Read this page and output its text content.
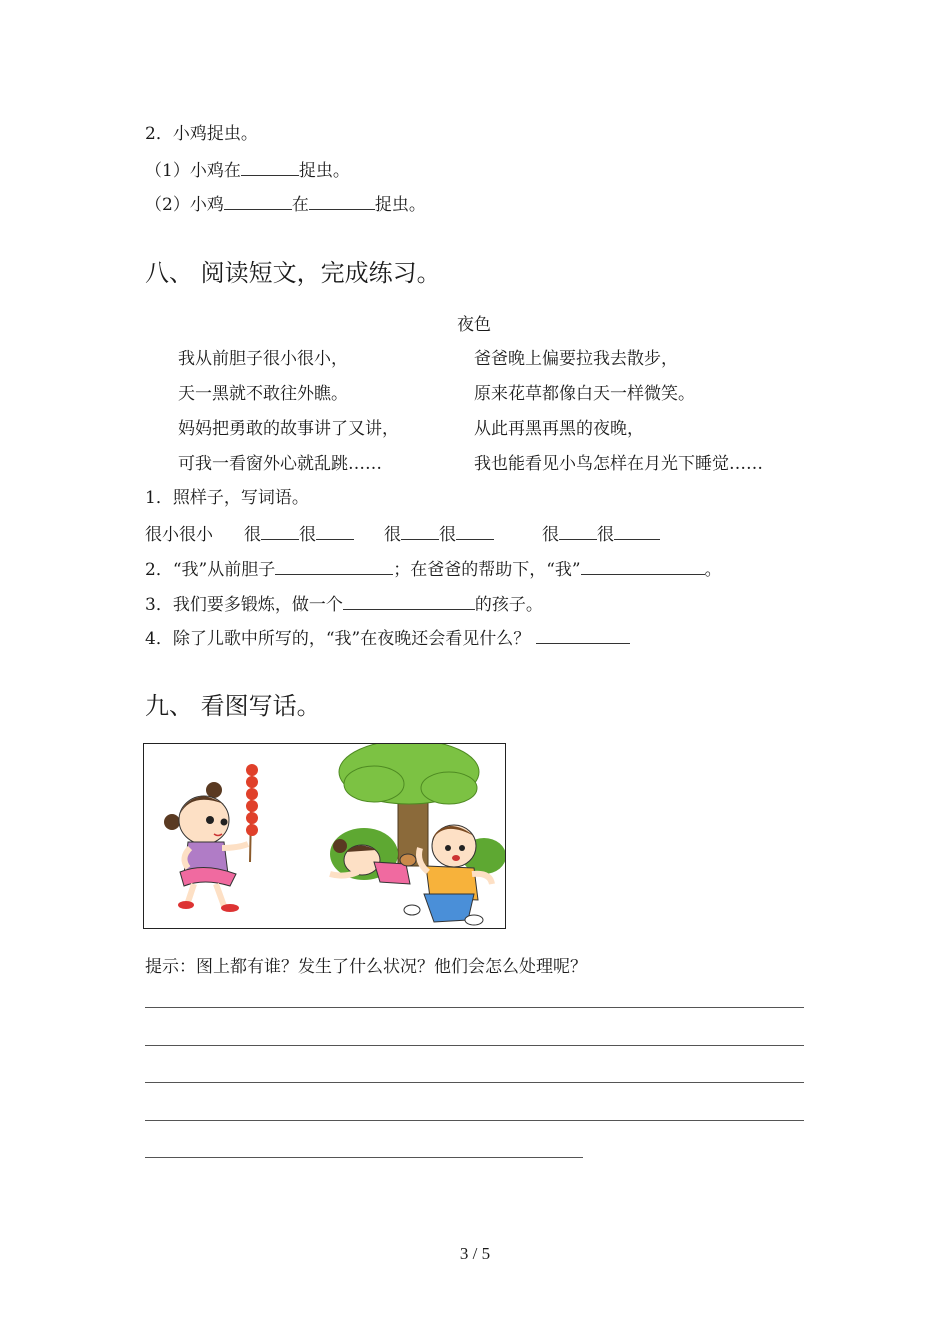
2．小鸡捉虫。
（1）小鸡在	捉虫。
（2）小鸡	在	捉虫。
八、 阅读短文，完成练习。
夜色
我从前胆子很小很小，
天一黑就不敢往外瞧。
妈妈把勇敢的故事讲了又讲，
可我一看窗外心就乱跳……
爸爸晚上偏要拉我去散步，
原来花草都像白天一样微笑。
从此再黑再黑的夜晚，
我也能看见小鸟怎样在月光下睡觉……
1．照样子，写词语。
很小很小 很 很	很 很	很 很
2．“我”从前胆子	；在爸爸的帮助下，“我”	。
3．我们要多锻炼，做一个	的孩子。
4．除了儿歌中所写的，“我”在夜晚还会看见什么？
九、 看图写话。
提示：图上都有谁？发生了什么状况？他们会怎么处理呢？
3 / 5
